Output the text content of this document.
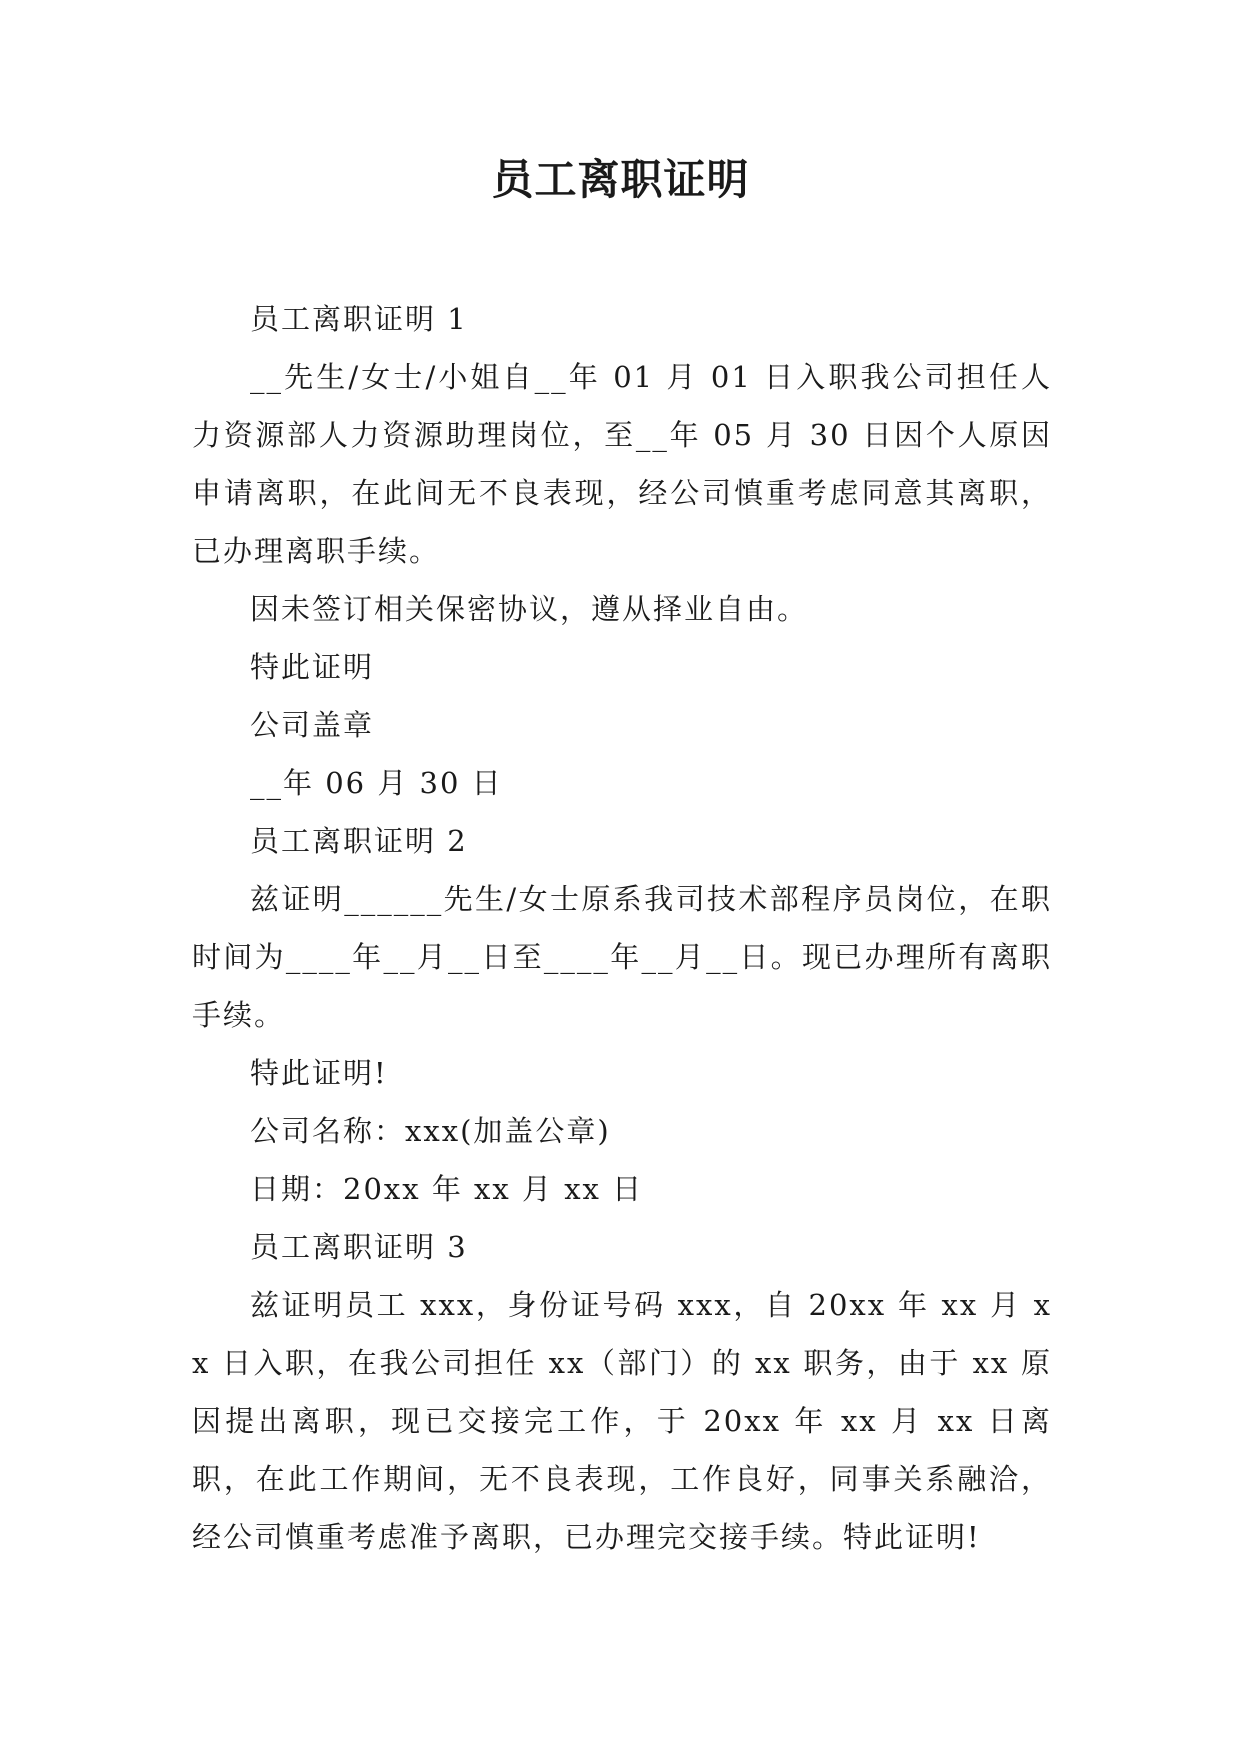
员工离职证明

员工离职证明 1

__先生/女士/小姐自__年 01 月 01 日入职我公司担任人力资源部人力资源助理岗位，至__年 05 月 30 日因个人原因申请离职，在此间无不良表现，经公司慎重考虑同意其离职，已办理离职手续。

因未签订相关保密协议，遵从择业自由。

特此证明

公司盖章

__年 06 月 30 日

员工离职证明 2

兹证明______先生/女士原系我司技术部程序员岗位，在职时间为____年__月__日至____年__月__日。现已办理所有离职手续。

特此证明!

公司名称：xxx(加盖公章)

日期：20xx 年 xx 月 xx 日

员工离职证明 3

兹证明员工 xxx，身份证号码 xxx，自 20xx 年 xx 月 xx 日入职，在我公司担任 xx（部门）的 xx 职务，由于 xx 原因提出离职，现已交接完工作，于 20xx 年 xx 月 xx 日离职，在此工作期间，无不良表现，工作良好，同事关系融洽，经公司慎重考虑准予离职，已办理完交接手续。特此证明!
